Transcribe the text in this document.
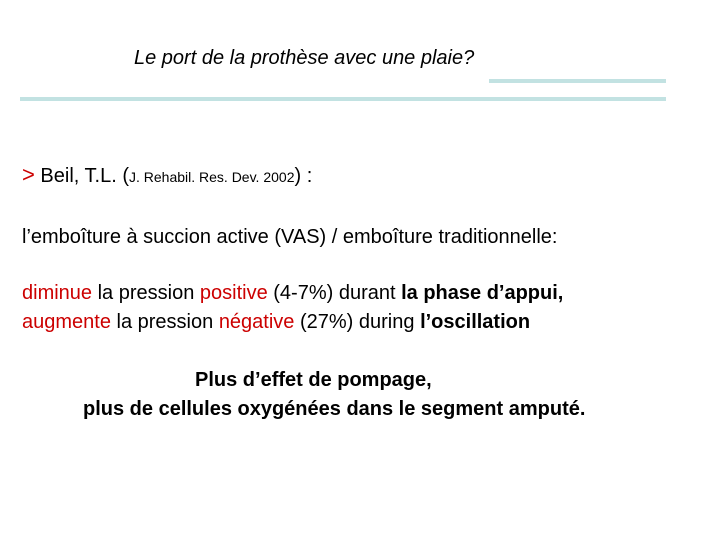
Le port de la prothèse avec une plaie?
> Beil, T.L. (J. Rehabil. Res. Dev. 2002) :
l’emboîture à succion active (VAS) / emboîture traditionnelle:
diminue la pression positive (4-7%) durant la phase d’appui,
augmente la pression négative (27%) during l’oscillation
Plus d’effet de pompage,
plus de cellules oxygénées dans le segment amputé.
